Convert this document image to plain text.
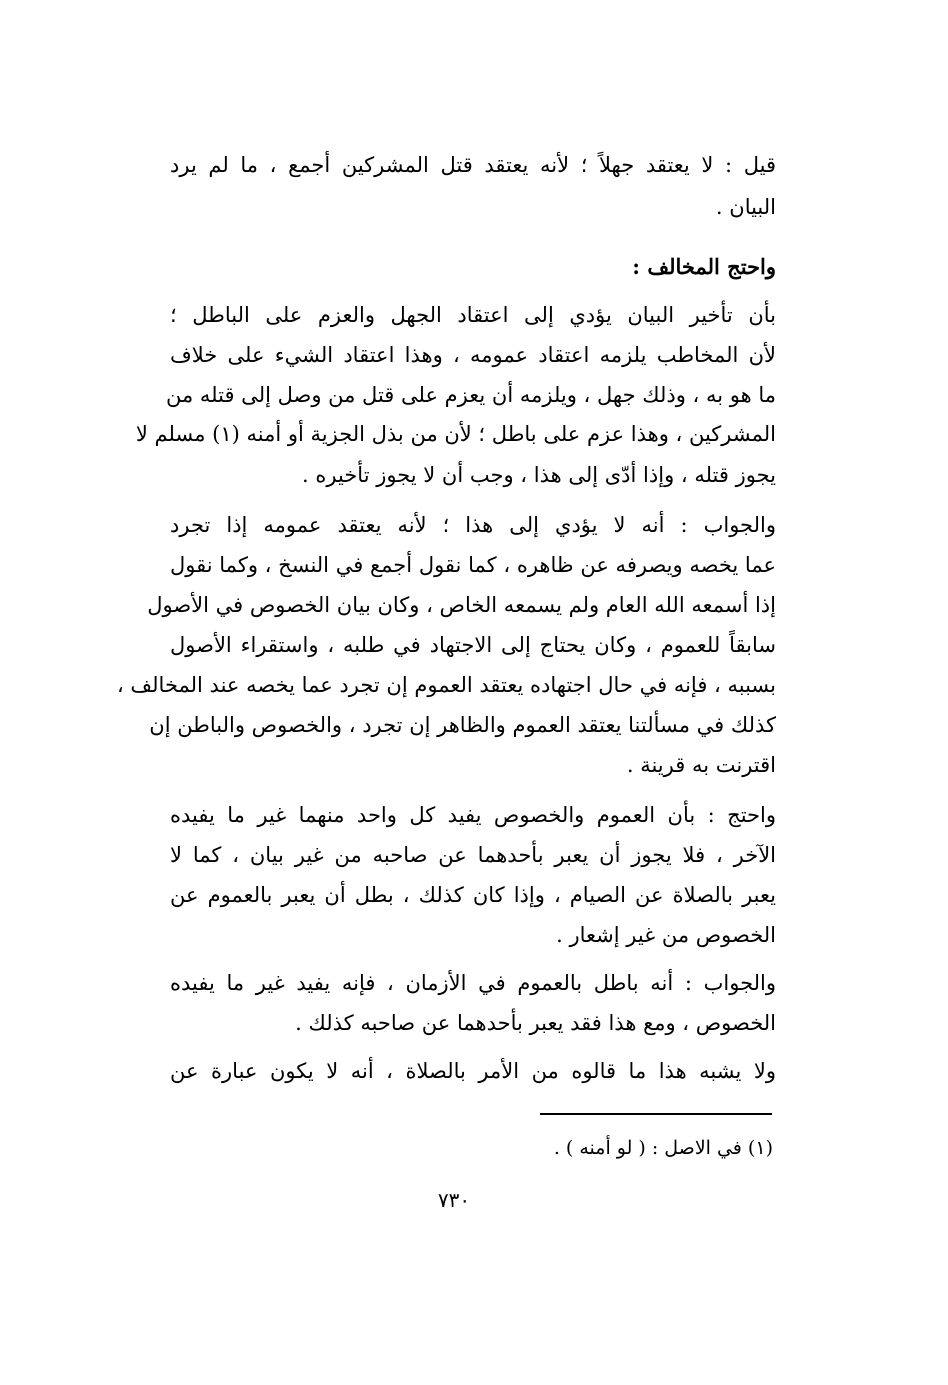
قيل : لا يعتقد جهلاً ؛ لأنه يعتقد قتل المشركين أجمع ، ما لم يرد
البيان .
واحتج المخالف :
بأن تأخير البيان يؤدي إلى اعتقاد الجهل والعزم على الباطل ؛
لأن المخاطب يلزمه اعتقاد عمومه ، وهذا اعتقاد الشيء على خلاف
ما هو به ، وذلك جهل ، ويلزمه أن يعزم على قتل من وصل إلى قتله من
المشركين ، وهذا عزم على باطل ؛ لأن من بذل الجزية أو أمنه (١) مسلم لا
يجوز قتله ، وإذا أدّى إلى هذا ، وجب أن لا يجوز تأخيره .
والجواب : أنه لا يؤدي إلى هذا ؛ لأنه يعتقد عمومه إذا تجرد
عما يخصه ويصرفه عن ظاهره ، كما نقول أجمع في النسخ ، وكما نقول
إذا أسمعه الله العام ولم يسمعه الخاص ، وكان بيان الخصوص في الأصول
سابقاً للعموم ، وكان يحتاج إلى الاجتهاد في طلبه ، واستقراء الأصول
بسببه ، فإنه في حال اجتهاده يعتقد العموم إن تجرد عما يخصه عند المخالف ،
كذلك في مسألتنا يعتقد العموم والظاهر إن تجرد ، والخصوص والباطن إن
اقترنت به قرينة .
واحتج : بأن العموم والخصوص يفيد كل واحد منهما غير ما يفيده
الآخر ، فلا يجوز أن يعبر بأحدهما عن صاحبه من غير بيان ، كما لا
يعبر بالصلاة عن الصيام ، وإذا كان كذلك ، بطل أن يعبر بالعموم عن
الخصوص من غير إشعار .
والجواب : أنه باطل بالعموم في الأزمان ، فإنه يفيد غير ما يفيده
الخصوص ، ومع هذا فقد يعبر بأحدهما عن صاحبه كذلك .
ولا يشبه هذا ما قالوه من الأمر بالصلاة ، أنه لا يكون عبارة عن
(١) في الاصل : ( لو أمنه ) .
٧٣٠
